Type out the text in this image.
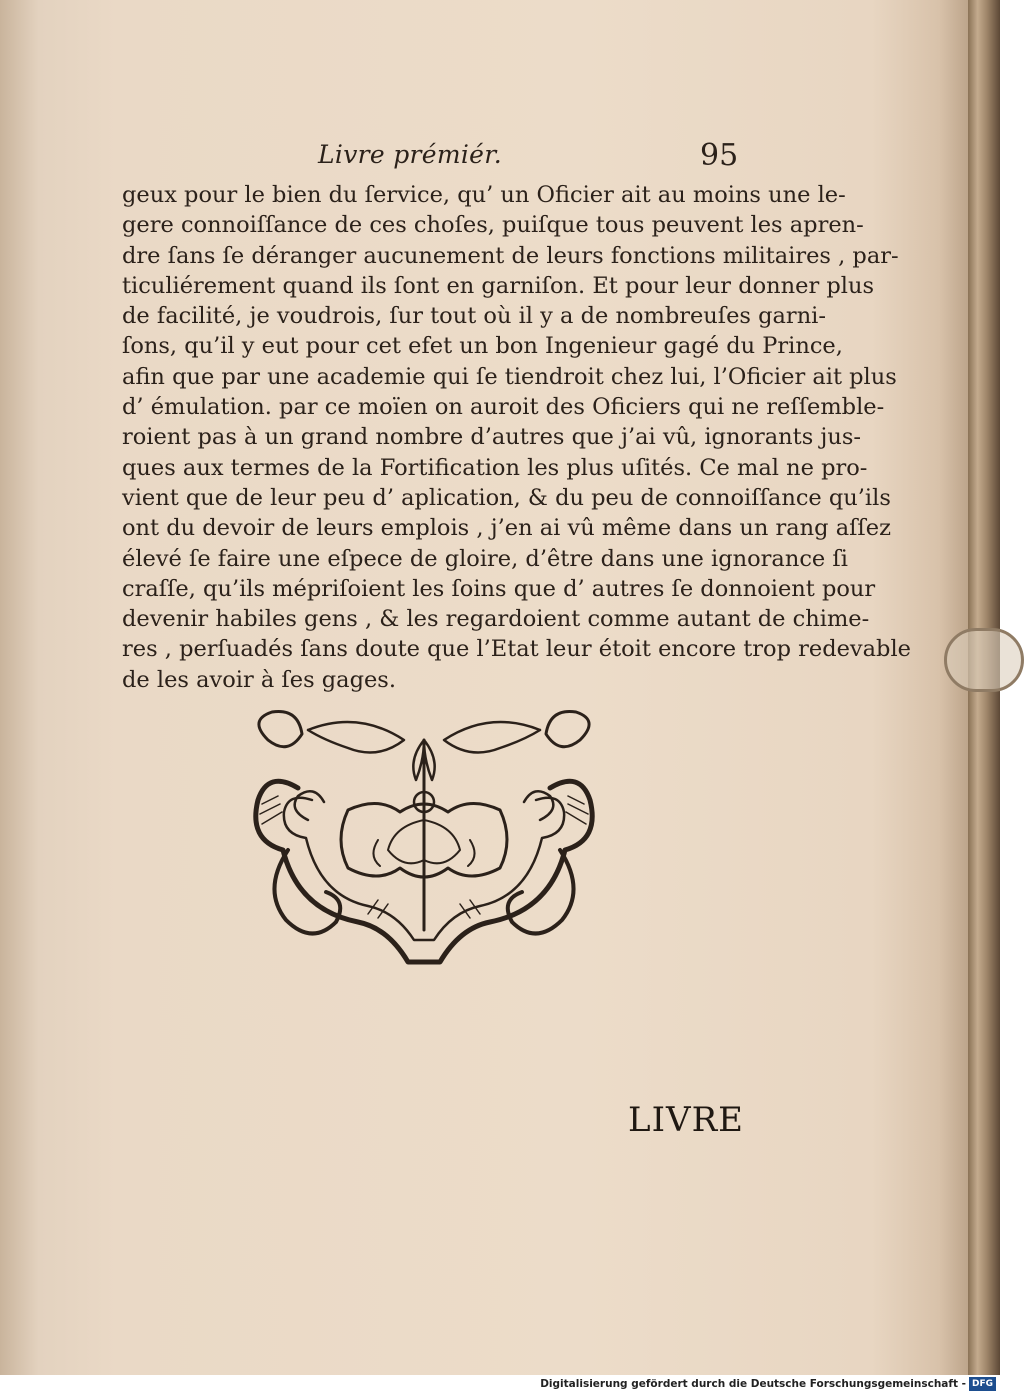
Livre prémiér.	95
geux pour le bien du ſervice, qu’ un Oficier ait au moins une le-
gere connoiſſance de ces choſes, puiſque tous peuvent les apren-
dre ſans ſe déranger aucunement de leurs fonctions militaires , par-
ticuliérement quand ils ſont en garniſon. Et pour leur donner plus
de facilité, je voudrois, ſur tout où il y a de nombreuſes garni-
ſons, qu’il y eut pour cet efet un bon Ingenieur gagé du Prince,
afin que par une academie qui ſe tiendroit chez lui, l’Oficier ait plus
d’ émulation. par ce moïen on auroit des Oficiers qui ne reſſemble-
roient pas à un grand nombre d’autres que j’ai vû, ignorants jus-
ques aux termes de la Fortification les plus uſités. Ce mal ne pro-
vient que de leur peu d’ aplication, & du peu de connoiſſance qu’ils
ont du devoir de leurs emplois , j’en ai vû même dans un rang aſſez
élevé ſe faire une eſpece de gloire, d’être dans une ignorance ſi
craſſe, qu’ils mépriſoient les ſoins que d’ autres ſe donnoient pour
devenir habiles gens , & les regardoient comme autant de chime-
res , perſuadés ſans doute que l’Etat leur étoit encore trop redevable
de les avoir à ſes gages.
LIVRE
Digitalisierung gefördert durch die Deutsche Forschungsgemeinschaft - DFG
